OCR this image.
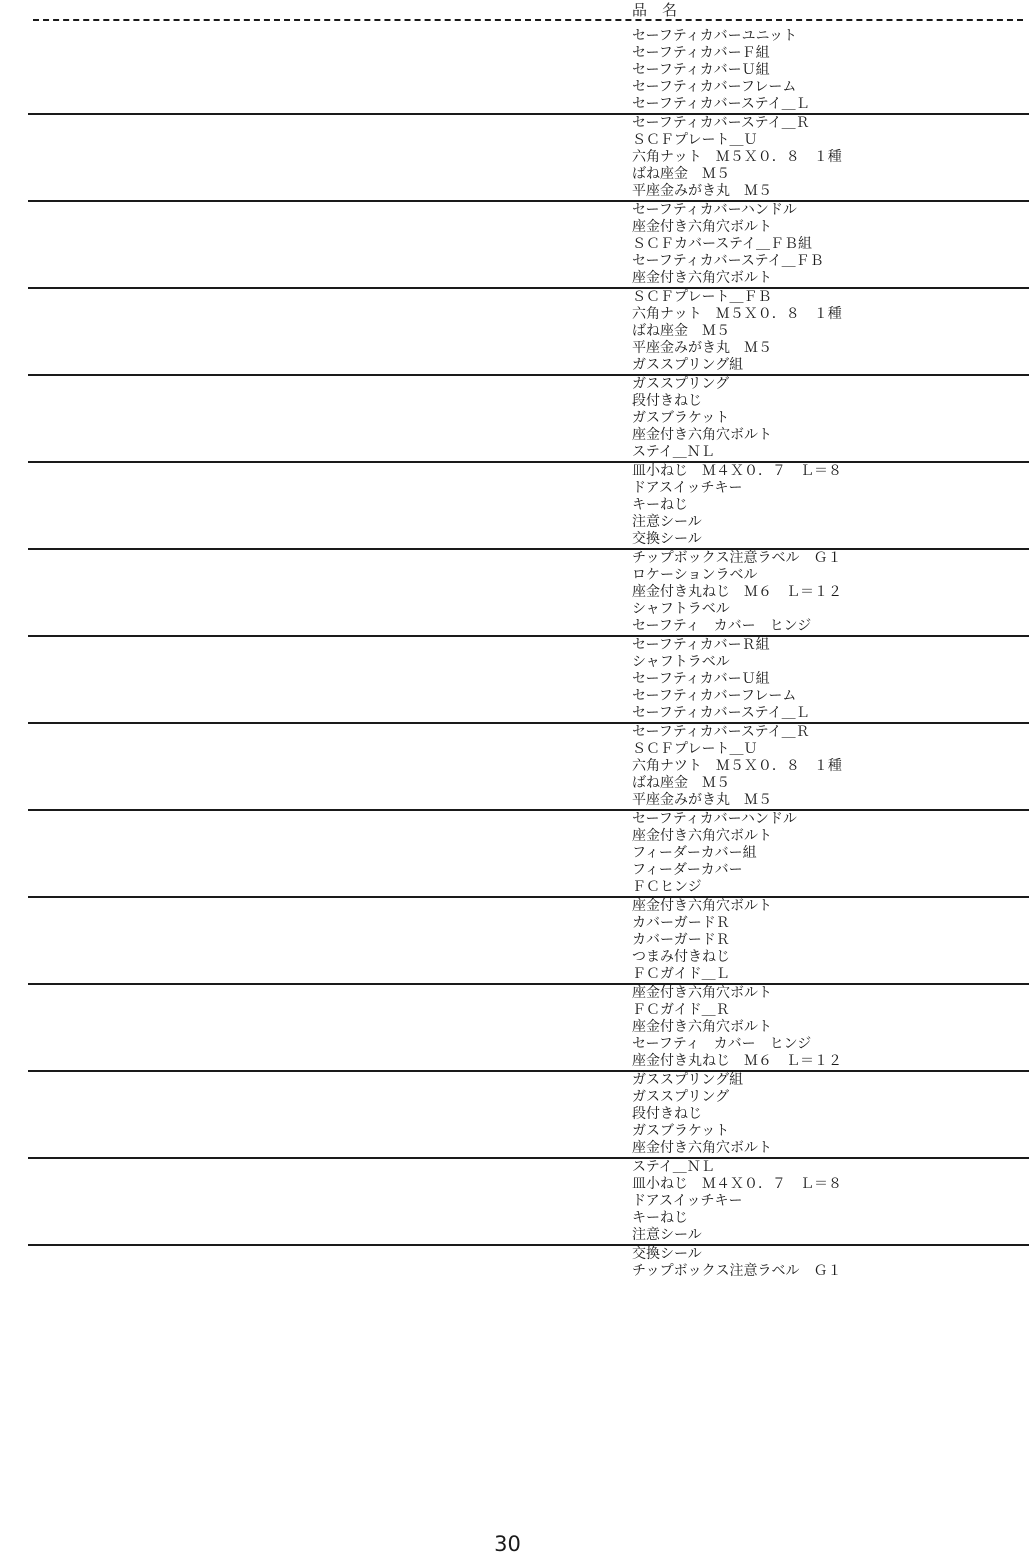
品　名
セーフティカバーユニット
セーフティカバーＦ組
セーフティカバーＵ組
セーフティカバーフレーム
セーフティカバーステイ＿Ｌ
セーフティカバーステイ＿Ｒ
ＳＣＦプレート＿Ｕ
六角ナット　Ｍ５Ｘ０．８　１種
ばね座金　Ｍ５
平座金みがき丸　Ｍ５
セーフティカバーハンドル
座金付き六角穴ボルト
ＳＣＦカバーステイ＿ＦＢ組
セーフティカバーステイ＿ＦＢ
座金付き六角穴ボルト
ＳＣＦプレート＿ＦＢ
六角ナット　Ｍ５Ｘ０．８　１種
ばね座金　Ｍ５
平座金みがき丸　Ｍ５
ガススプリング組
ガススプリング
段付きねじ
ガスブラケット
座金付き六角穴ボルト
ステイ＿ＮＬ
皿小ねじ　Ｍ４Ｘ０．７　Ｌ＝８
ドアスイッチキー
キーねじ
注意シール
交換シール
チップボックス注意ラベル　Ｇ１
ロケーションラベル
座金付き丸ねじ　Ｍ６　Ｌ＝１２
シャフトラベル
セーフティ　カバー　ヒンジ
セーフティカバーＲ組
シャフトラベル
セーフティカバーＵ組
セーフティカバーフレーム
セーフティカバーステイ＿Ｌ
セーフティカバーステイ＿Ｒ
ＳＣＦプレート＿Ｕ
六角ナツト　Ｍ５Ｘ０．８　１種
ばね座金　Ｍ５
平座金みがき丸　Ｍ５
セーフティカバーハンドル
座金付き六角穴ボルト
フィーダーカバー組
フィーダーカバー
ＦＣヒンジ
座金付き六角穴ボルト
カバーガードＲ
カバーガードＲ
つまみ付きねじ
ＦＣガイド＿Ｌ
座金付き六角穴ボルト
ＦＣガイド＿Ｒ
座金付き六角穴ボルト
セーフティ　カバー　ヒンジ
座金付き丸ねじ　Ｍ６　Ｌ＝１２
ガススプリング組
ガススプリング
段付きねじ
ガスブラケット
座金付き六角穴ボルト
ステイ＿ＮＬ
皿小ねじ　Ｍ４Ｘ０．７　Ｌ＝８
ドアスイッチキー
キーねじ
注意シール
交換シール
チップボックス注意ラベル　Ｇ１
30
